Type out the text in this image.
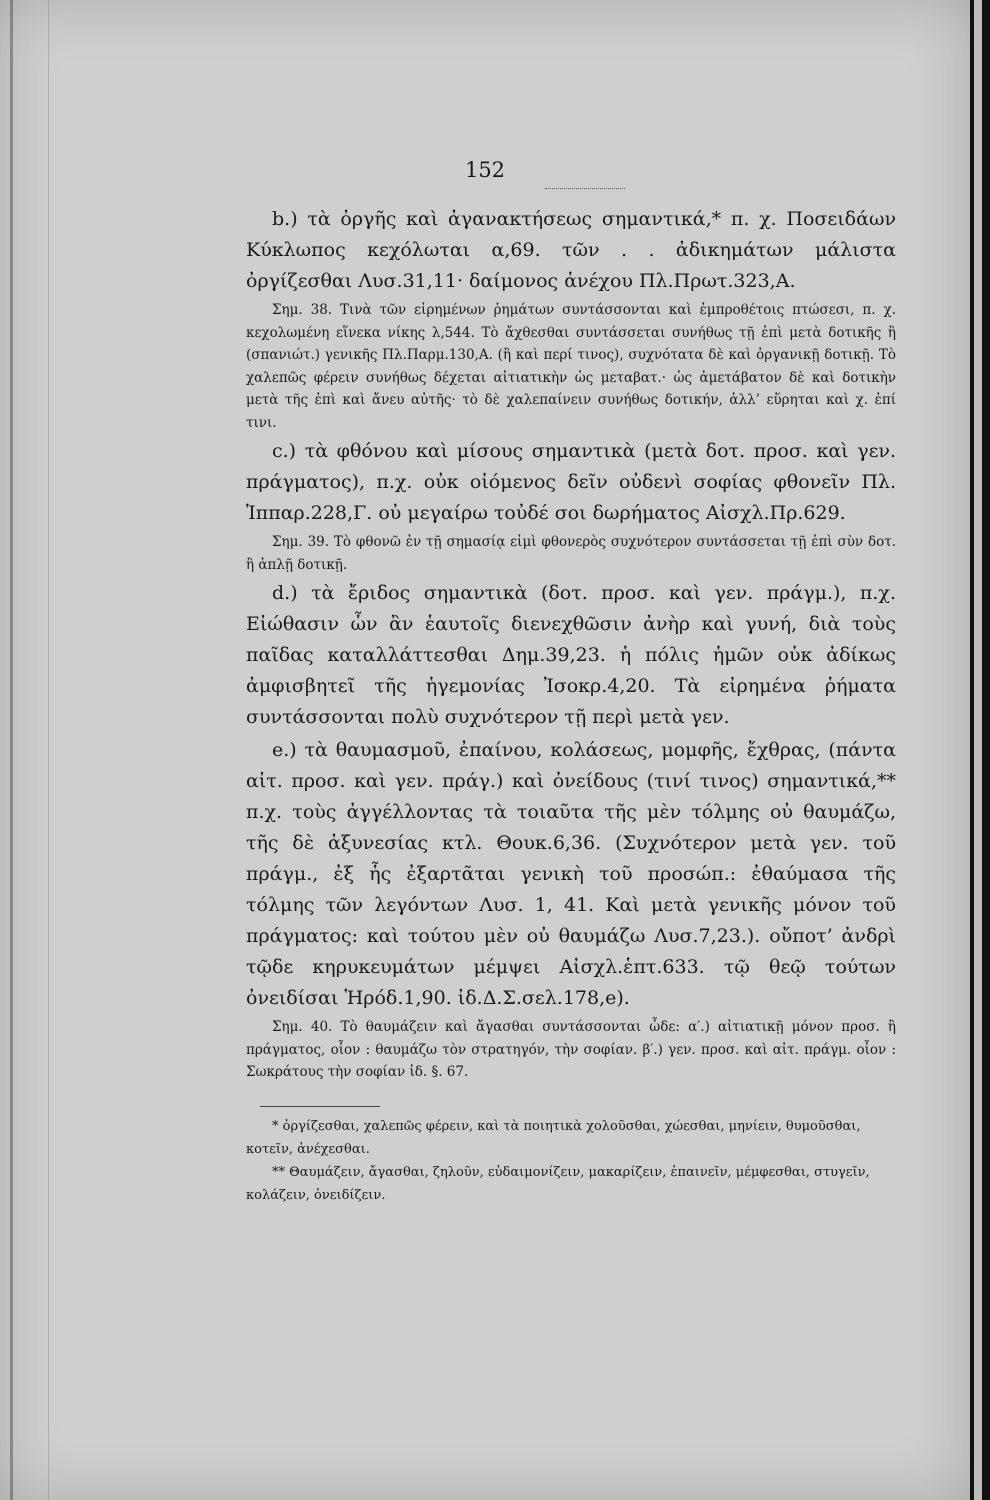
152

b.) τὰ ὀργῆς καὶ ἀγανακτήσεως σημαντικά,* π. χ. Ποσειδάων Κύκλωπος κεχόλωται α,69. τῶν . . ἀδικημάτων μάλιστα ὀργίζεσθαι Λυσ.31,11· δαίμονος ἀνέχου Πλ.Πρωτ.323,Α.

Σημ. 38. Τινὰ τῶν εἰρημένων ῥημάτων συντάσσονται καὶ ἐμπροθέτοις πτώσεσι, π. χ. κεχολωμένη εἵνεκα νίκης λ,544. Τὸ ἄχθεσθαι συντάσσεται συνήθως τῇ ἐπὶ μετὰ δοτικῆς ἢ (σπανιώτ.) γενικῆς Πλ.Παρμ.130,Α. (ἢ καὶ περί τινος), συχνότατα δὲ καὶ ὀργανικῇ δοτικῇ. Τὸ χαλεπῶς φέρειν συνήθως δέχεται αἰτιατικὴν ὡς μεταβατ.· ὡς ἀμετάβατον δὲ καὶ δοτικὴν μετὰ τῆς ἐπὶ καὶ ἄνευ αὐτῆς· τὸ δὲ χαλεπαίνειν συνήθως δοτικήν, ἀλλ’ εὕρηται καὶ χ. ἐπί τινι.

c.) τὰ φθόνου καὶ μίσους σημαντικὰ (μετὰ δοτ. προσ. καὶ γεν. πράγματος), π.χ. οὐκ οἰόμενος δεῖν οὐδενὶ σοφίας φθονεῖν Πλ. Ἱππαρ.228,Γ. οὐ μεγαίρω τοὐδέ σοι δωρήματος Αἰσχλ.Πρ.629.

Σημ. 39. Τὸ φθονῶ ἐν τῇ σημασίᾳ εἰμὶ φθονερὸς συχνότερον συντάσσεται τῇ ἐπὶ σὺν δοτ. ἢ ἁπλῇ δοτικῇ.

d.) τὰ ἔριδος σημαντικὰ (δοτ. προσ. καὶ γεν. πράγμ.), π.χ. Εἰώθασιν ὧν ἂν ἑαυτοῖς διενεχθῶσιν ἀνὴρ καὶ γυνή, διὰ τοὺς παῖδας καταλλάττεσθαι Δημ.39,23. ἡ πόλις ἡμῶν οὐκ ἀδίκως ἀμφισβητεῖ τῆς ἡγεμονίας Ἰσοκρ.4,20. Τὰ εἰρημένα ῥήματα συντάσσονται πολὺ συχνότερον τῇ περὶ μετὰ γεν.

e.) τὰ θαυμασμοῦ, ἐπαίνου, κολάσεως, μομφῆς, ἔχθρας, (πάντα αἰτ. προσ. καὶ γεν. πράγ.) καὶ ὀνείδους (τινί τινος) σημαντικά,** π.χ. τοὺς ἀγγέλλοντας τὰ τοιαῦτα τῆς μὲν τόλμης οὐ θαυμάζω, τῆς δὲ ἀξυνεσίας κτλ. Θουκ.6,36. (Συχνότερον μετὰ γεν. τοῦ πράγμ., ἐξ ἧς ἐξαρτᾶται γενικὴ τοῦ προσώπ.: ἐθαύμασα τῆς τόλμης τῶν λεγόντων Λυσ. 1, 41. Καὶ μετὰ γενικῆς μόνον τοῦ πράγματος: καὶ τούτου μὲν οὐ θαυμάζω Λυσ.7,23.). οὔποτ’ ἀνδρὶ τῷδε κηρυκευμάτων μέμψει Αἰσχλ.ἑπτ.633. τῷ θεῷ τούτων ὀνειδίσαι Ἡρόδ.1,90. ἰδ.Δ.Σ.σελ.178,e).

Σημ. 40. Τὸ θαυμάζειν καὶ ἄγασθαι συντάσσονται ὧδε: α′.) αἰτιατικῇ μόνον προσ. ἢ πράγματος, οἷον : θαυμάζω τὸν στρατηγόν, τὴν σοφίαν. β′.) γεν. προσ. καὶ αἰτ. πράγμ. οἷον : Σωκράτους τὴν σοφίαν ἰδ. §. 67.

* ὀργίζεσθαι, χαλεπῶς φέρειν, καὶ τὰ ποιητικὰ χολοῦσθαι, χώεσθαι, μηνίειν, θυμοῦσθαι, κοτεῖν, ἀνέχεσθαι.

** Θαυμάζειν, ἄγασθαι, ζηλοῦν, εὐδαιμονίζειν, μακαρίζειν, ἐπαινεῖν, μέμφεσθαι, στυγεῖν, κολάζειν, ὀνειδίζειν.
